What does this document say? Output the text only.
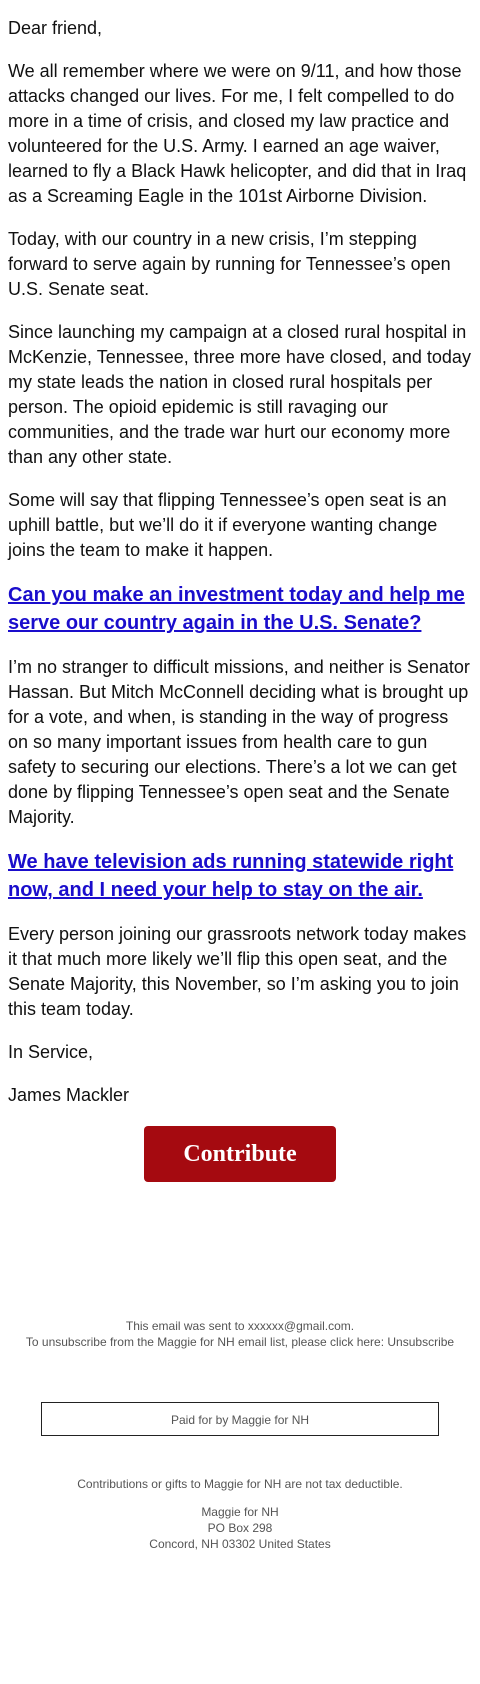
Dear friend,

We all remember where we were on 9/11, and how those attacks changed our lives. For me, I felt compelled to do more in a time of crisis, and closed my law practice and volunteered for the U.S. Army. I earned an age waiver, learned to fly a Black Hawk helicopter, and did that in Iraq as a Screaming Eagle in the 101st Airborne Division.

Today, with our country in a new crisis, I’m stepping forward to serve again by running for Tennessee’s open U.S. Senate seat.

Since launching my campaign at a closed rural hospital in McKenzie, Tennessee, three more have closed, and today my state leads the nation in closed rural hospitals per person. The opioid epidemic is still ravaging our communities, and the trade war hurt our economy more than any other state.

Some will say that flipping Tennessee’s open seat is an uphill battle, but we’ll do it if everyone wanting change joins the team to make it happen.

Can you make an investment today and help me serve our country again in the U.S. Senate?

I’m no stranger to difficult missions, and neither is Senator Hassan. But Mitch McConnell deciding what is brought up for a vote, and when, is standing in the way of progress on so many important issues from health care to gun safety to securing our elections. There’s a lot we can get done by flipping Tennessee’s open seat and the Senate Majority.

We have television ads running statewide right now, and I need your help to stay on the air.

Every person joining our grassroots network today makes it that much more likely we’ll flip this open seat, and the Senate Majority, this November, so I’m asking you to join this team today.

In Service,

James Mackler

Contribute
This email was sent to xxxxxx@gmail.com.
To unsubscribe from the Maggie for NH email list, please click here: Unsubscribe
Paid for by Maggie for NH
Contributions or gifts to Maggie for NH are not tax deductible.
Maggie for NH
PO Box 298
Concord, NH 03302 United States
